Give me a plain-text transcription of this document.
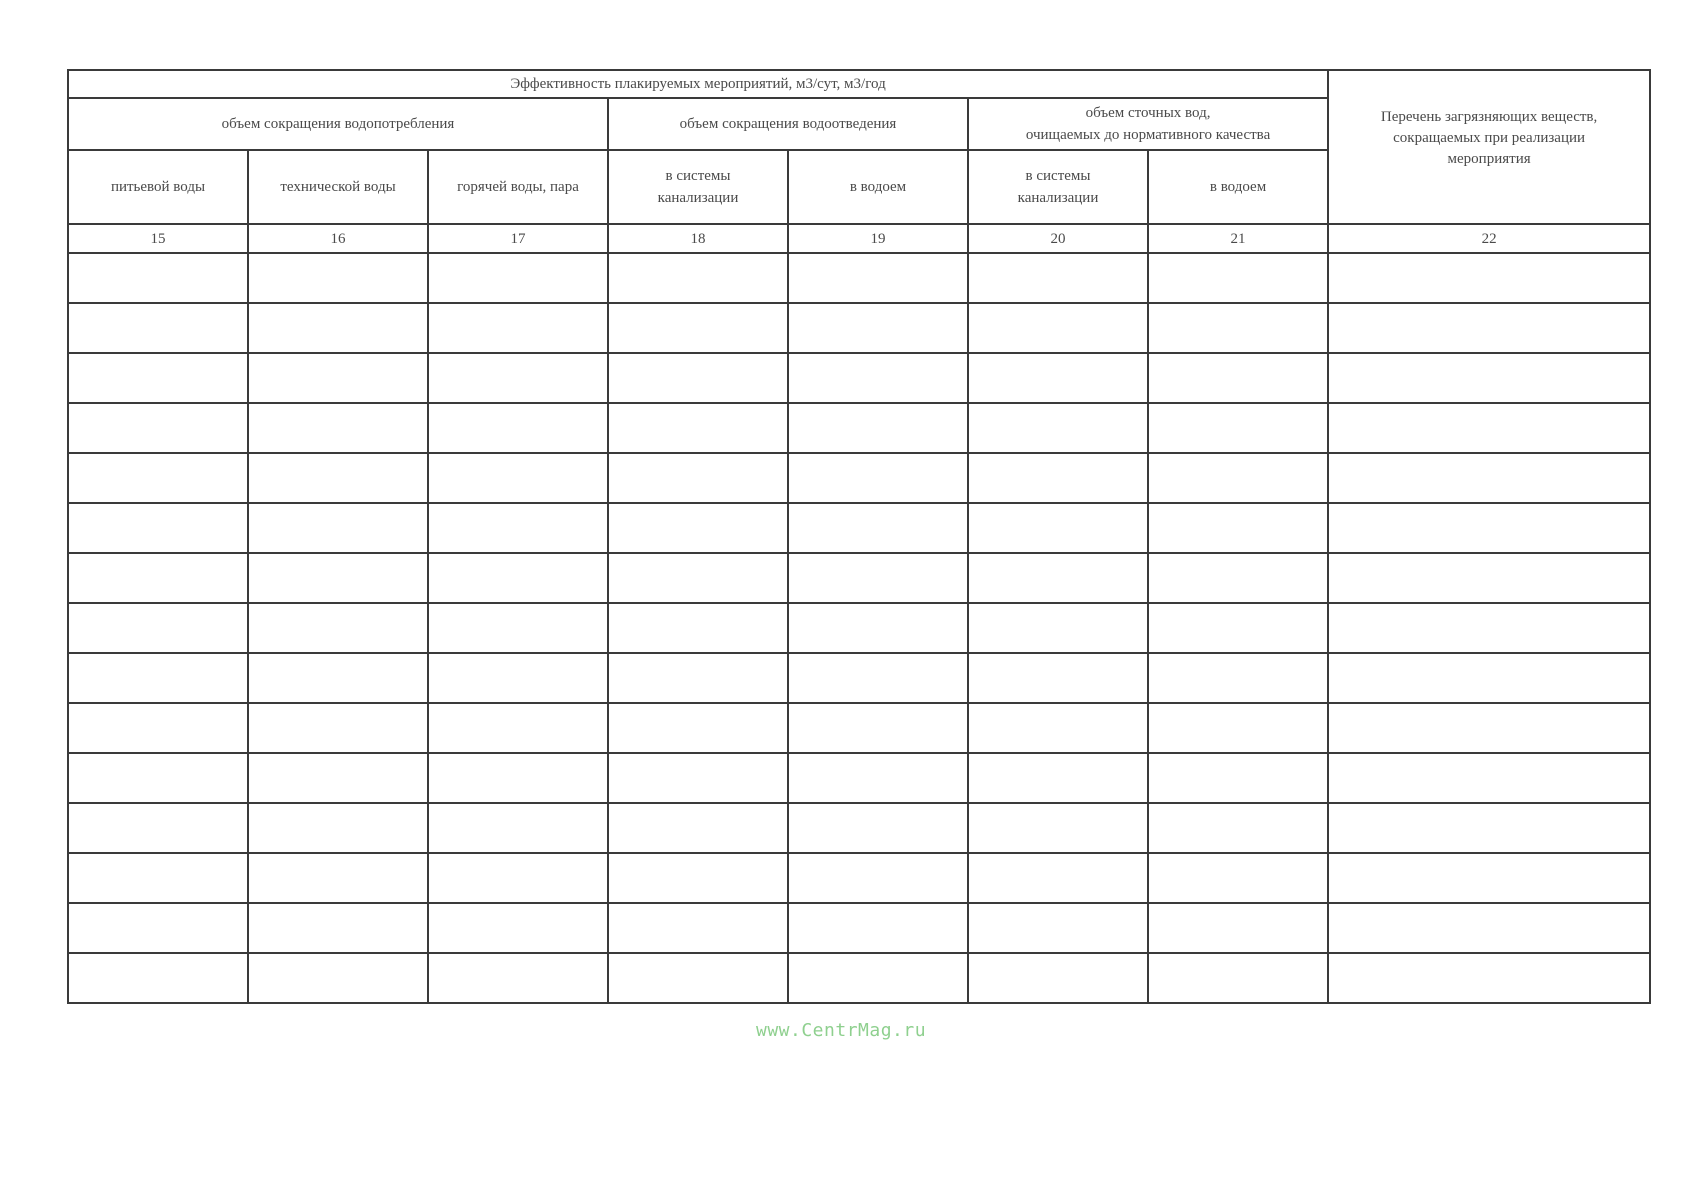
Эффективность плакируемых мероприятий, м3/сут, м3/год							Перечень загрязняющих веществ,
сокращаемых при реализации
мероприятия
объем сокращения водопотребления			объем сокращения водоотведения		объем сточных вод,
очищаемых до нормативного качества		
питьевой воды	технической воды	горячей воды, пара	в системы
канализации	в водоем	в системы
канализации	в водоем	
15	16	17	18	19	20	21	22

www.CentrMag.ru
